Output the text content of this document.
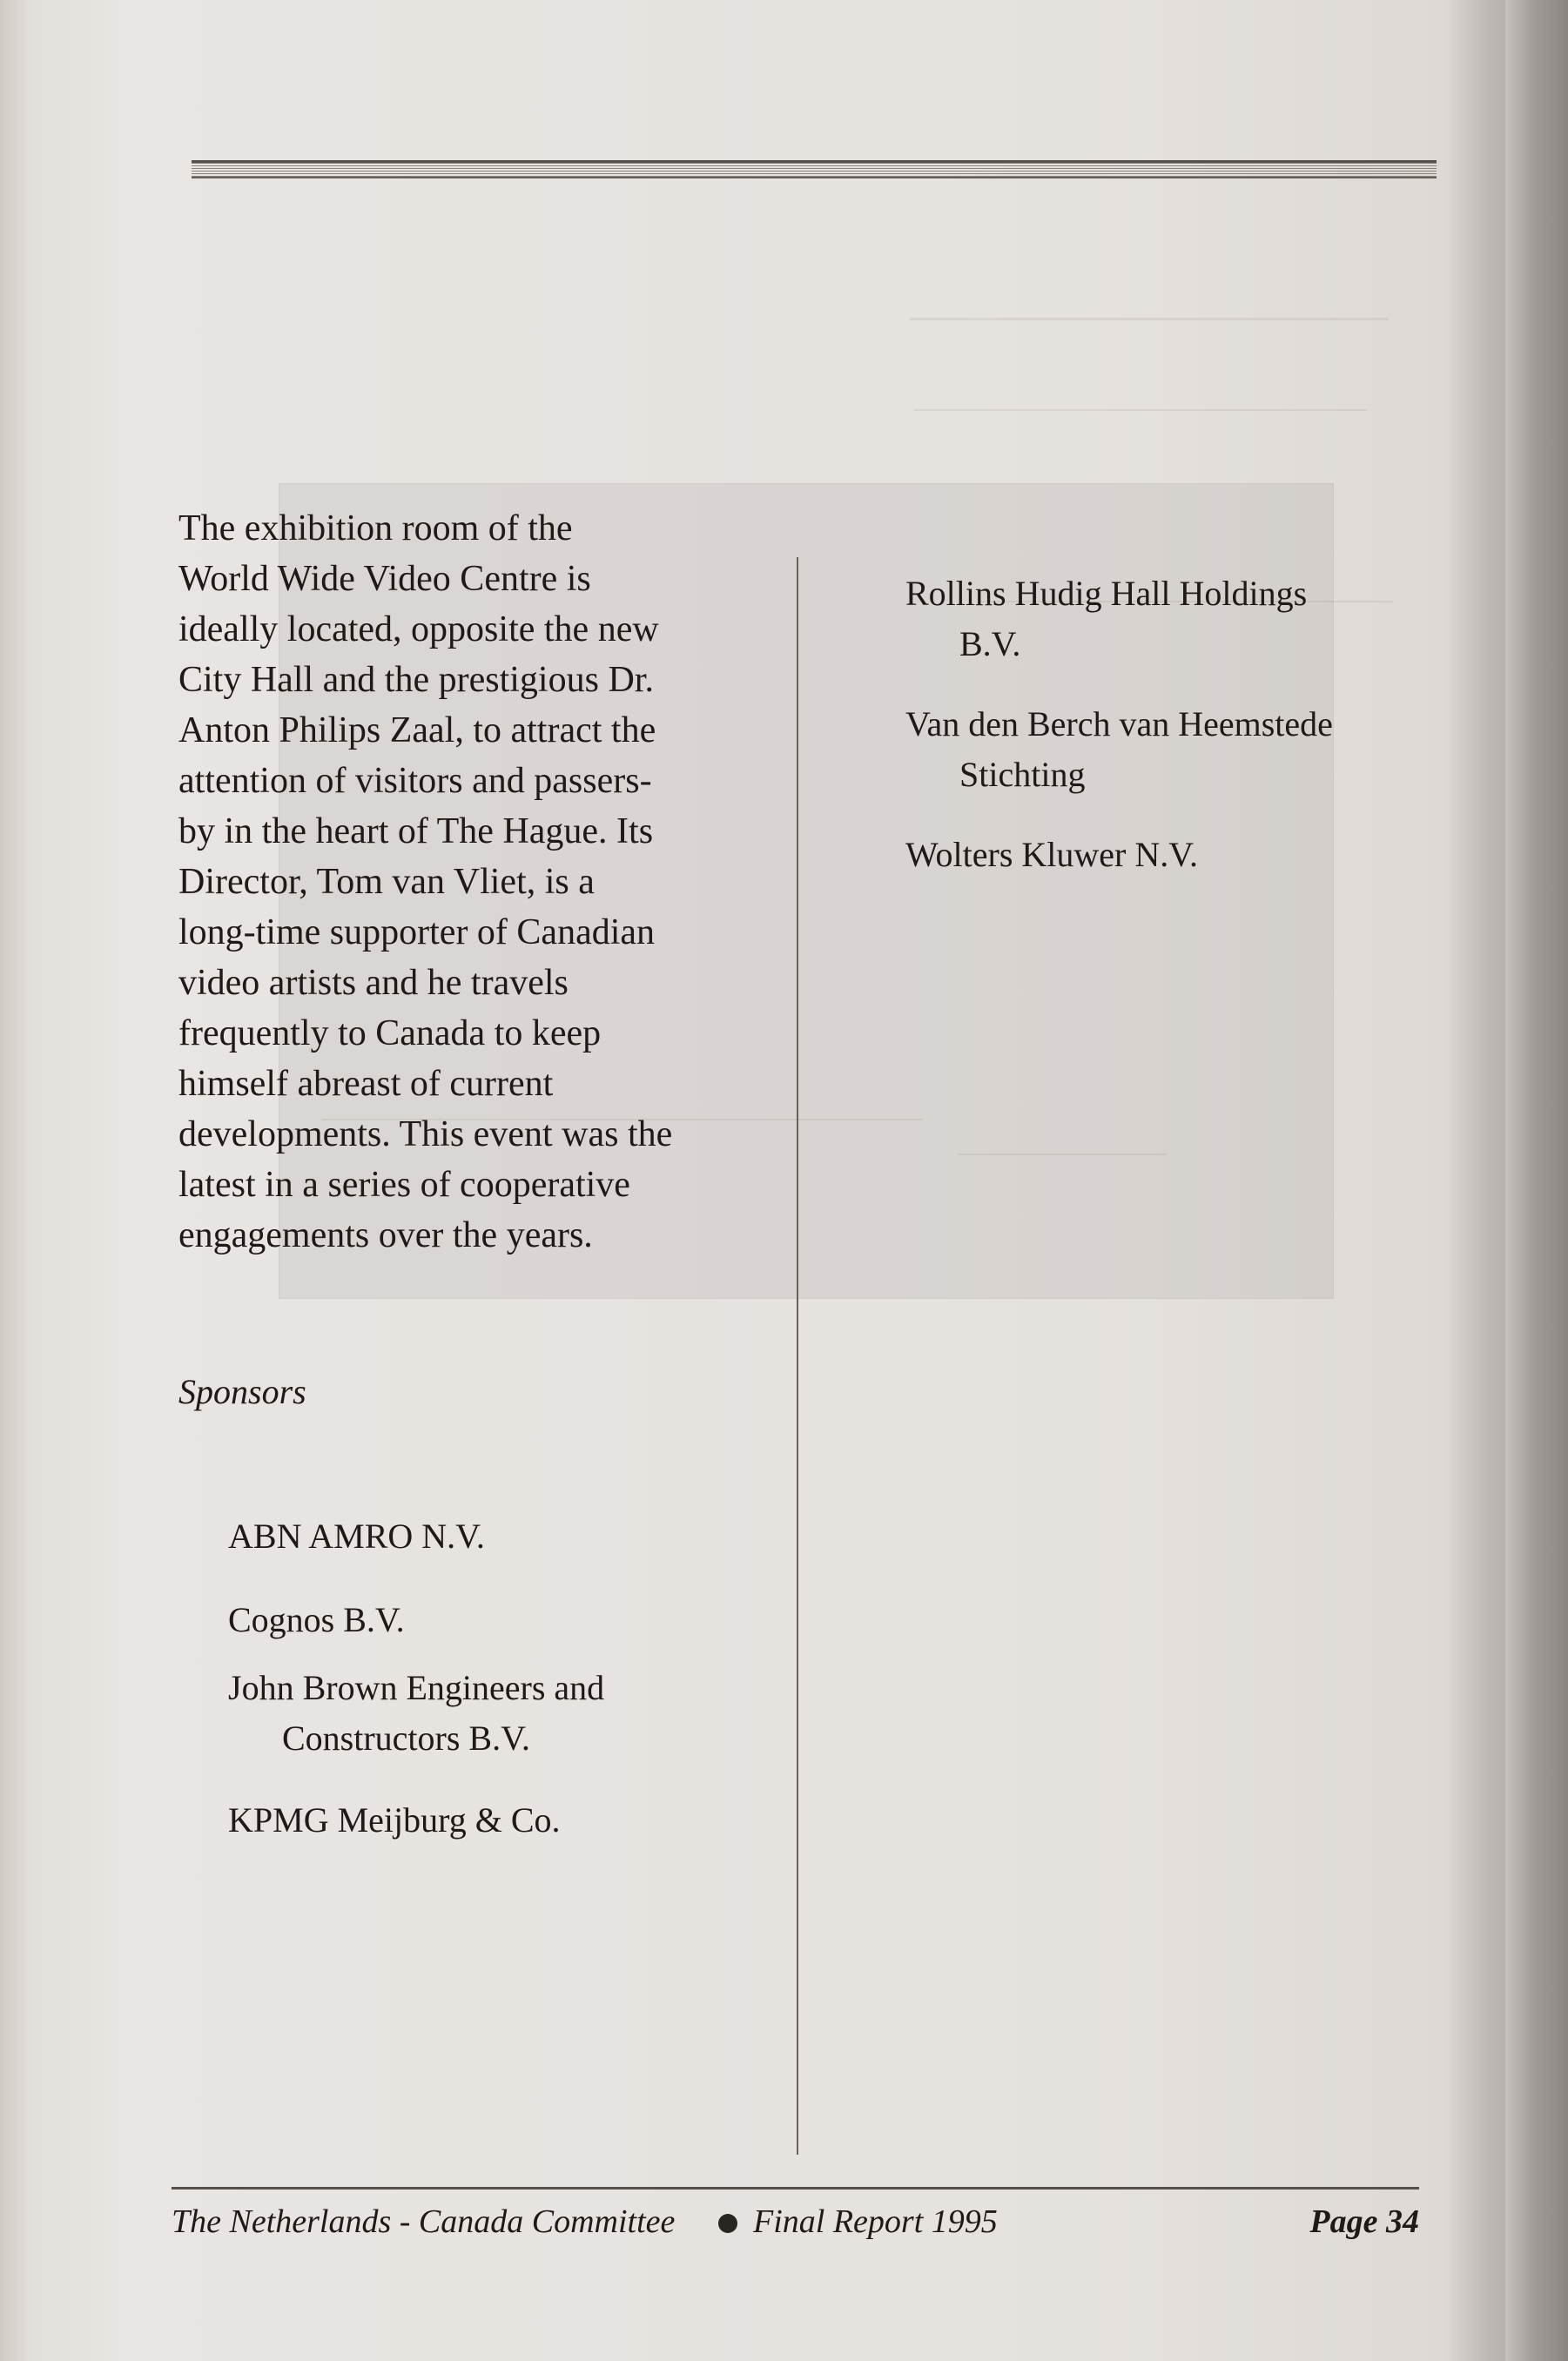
The exhibition room of the
World Wide Video Centre is
ideally located, opposite the new
City Hall and the prestigious Dr.
Anton Philips Zaal, to attract the
attention of visitors and passers-
by in the heart of The Hague. Its
Director, Tom van Vliet, is a
long-time supporter of Canadian
video artists and he travels
frequently to Canada to keep
himself abreast of current
developments. This event was the
latest in a series of cooperative
engagements over the years.

Sponsors

ABN AMRO N.V.
Cognos B.V.
John Brown Engineers and
Constructors B.V.
KPMG Meijburg & Co.
Rollins Hudig Hall Holdings
B.V.
Van den Berch van Heemstede
Stichting
Wolters Kluwer N.V.
The Netherlands - Canada Committee Final Report 1995	Page 34
